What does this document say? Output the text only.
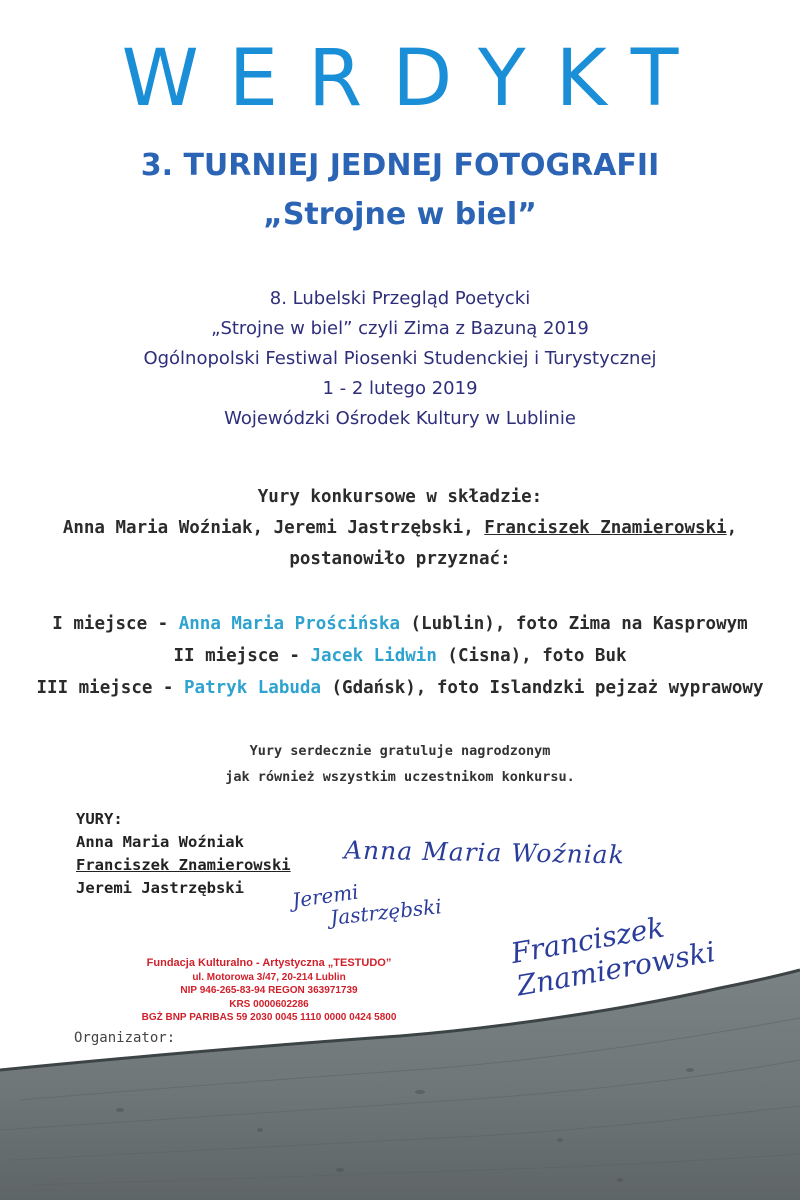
WERDYKT
3. TURNIEJ JEDNEJ FOTOGRAFII
„Strojne w biel”
8. Lubelski Przegląd Poetycki
„Strojne w biel” czyli Zima z Bazuną 2019
Ogólnopolski Festiwal Piosenki Studenckiej i Turystycznej
1 - 2 lutego 2019
Wojewódzki Ośrodek Kultury w Lublinie
Yury konkursowe w składzie:
Anna Maria Woźniak, Jeremi Jastrzębski, Franciszek Znamierowski,
postanowiło przyznać:
I miejsce - Anna Maria Prościńska (Lublin), foto Zima na Kasprowym
II miejsce - Jacek Lidwin (Cisna), foto Buk
III miejsce - Patryk Labuda (Gdańsk), foto Islandzki pejzaż wyprawowy
Yury serdecznie gratuluje nagrodzonym
jak również wszystkim uczestnikom konkursu.
YURY:
Anna Maria Woźniak
Franciszek Znamierowski
Jeremi Jastrzębski
Anna Maria Woźniak
Jeremi
Jastrzębski Franciszek Znamierowski
Fundacja Kulturalno - Artystyczna „TESTUDO”
ul. Motorowa 3/47, 20-214 Lublin
NIP 946-265-83-94 REGON 363971739
KRS 0000602286
BGŻ BNP PARIBAS 59 2030 0045 1110 0000 0424 5800
Organizator:
